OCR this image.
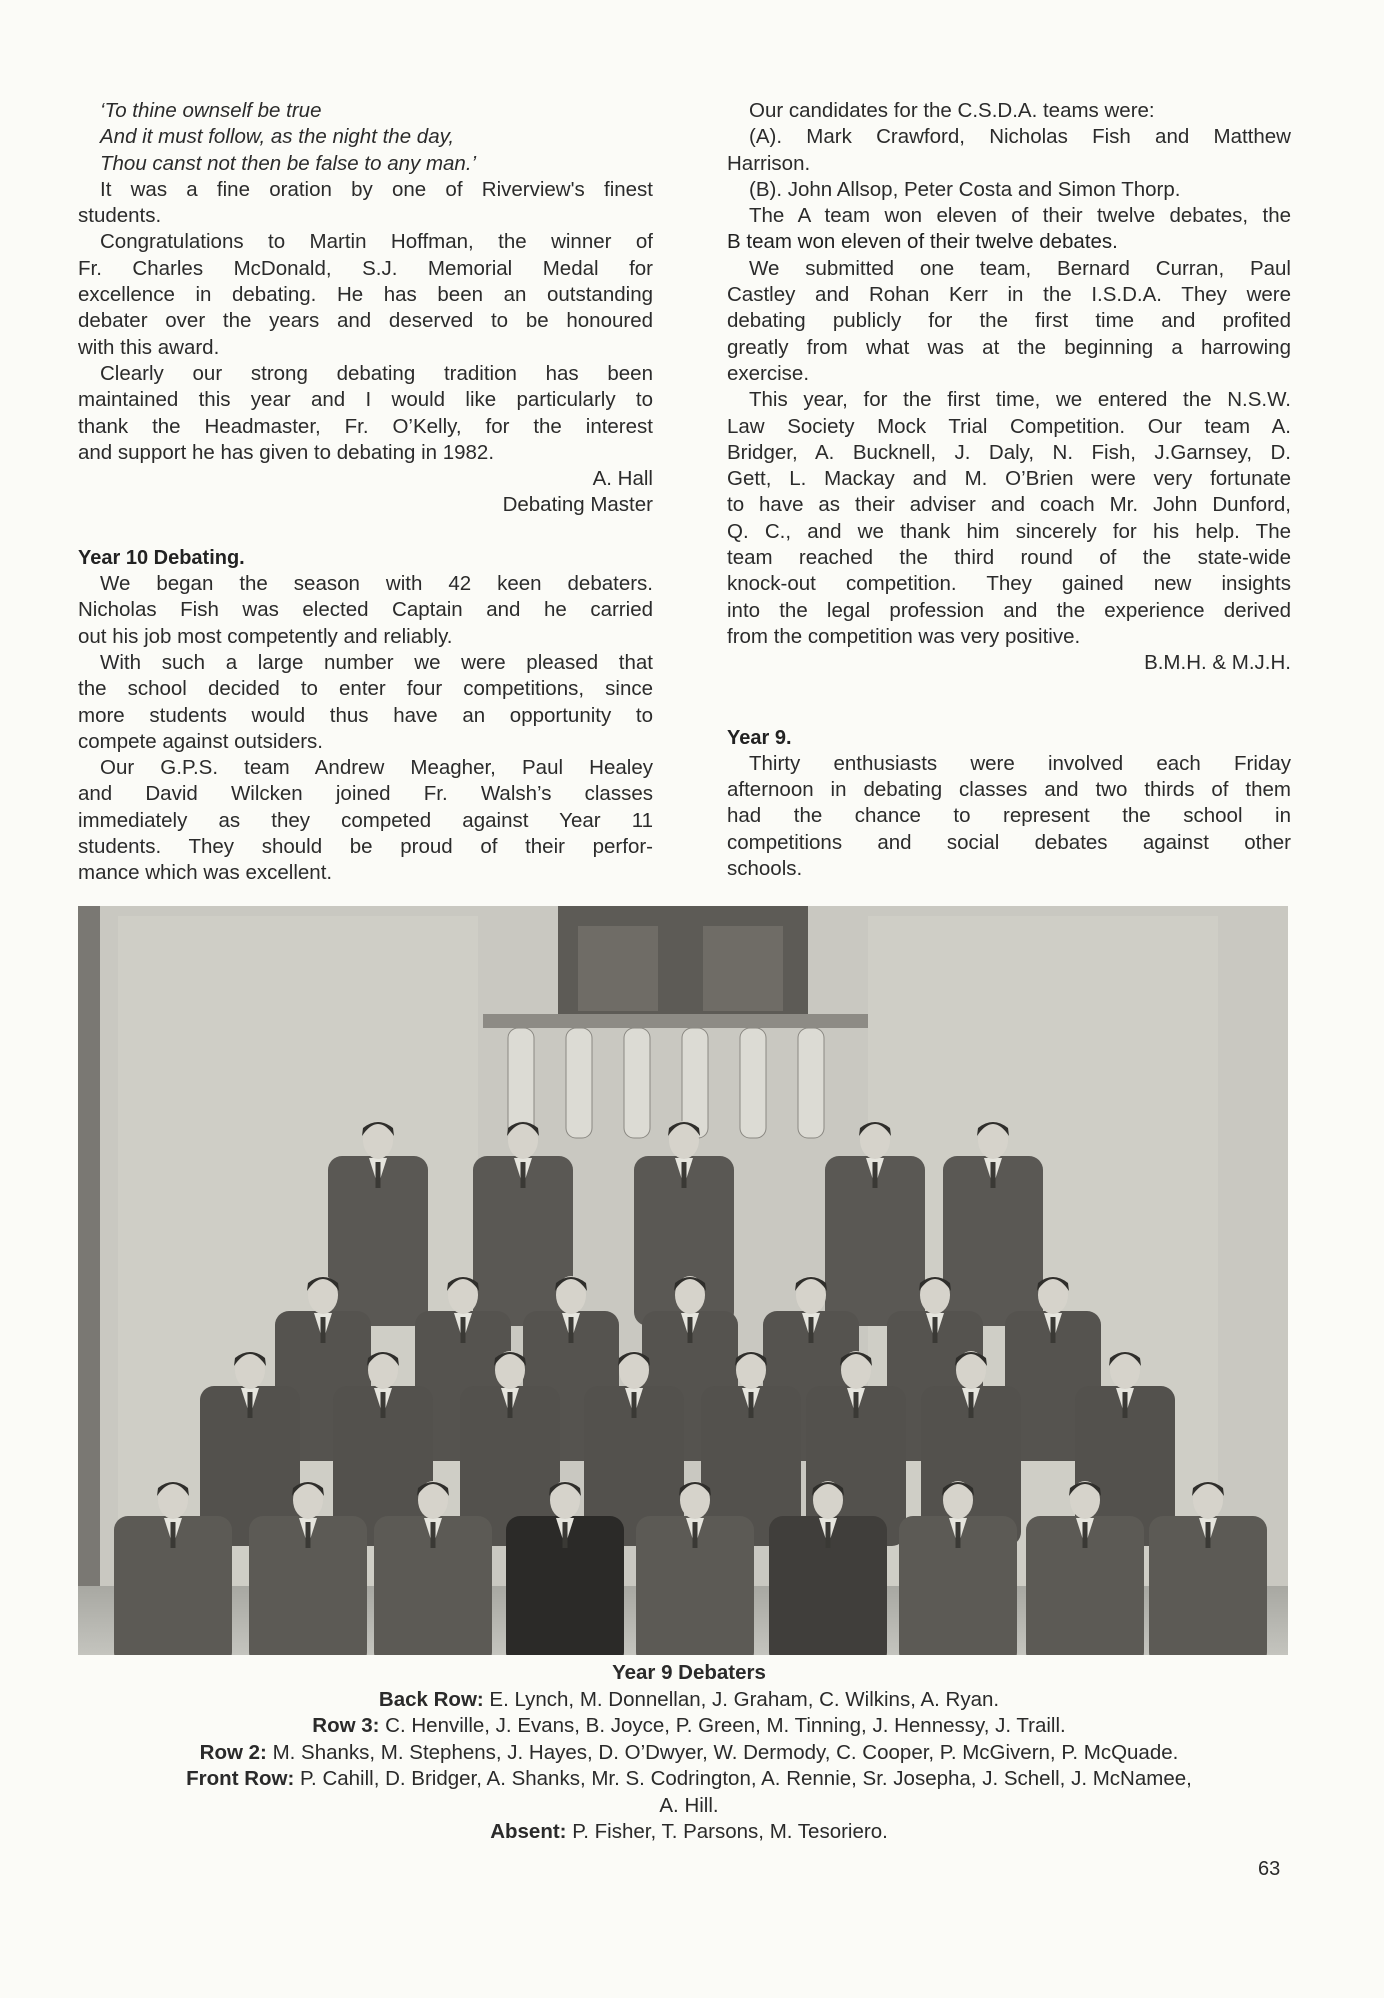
‘To thine ownself be true
And it must follow, as the night the day,
Thou canst not then be false to any man.’
It was a fine oration by one of Riverview's finest
students.
Congratulations to Martin Hoffman, the winner of
Fr. Charles McDonald, S.J. Memorial Medal for
excellence in debating. He has been an outstanding
debater over the years and deserved to be honoured
with this award.
Clearly our strong debating tradition has been
maintained this year and I would like particularly to
thank the Headmaster, Fr. O’Kelly, for the interest
and support he has given to debating in 1982.
A. Hall
Debating Master
Year 10 Debating.
We began the season with 42 keen debaters.
Nicholas Fish was elected Captain and he carried
out his job most competently and reliably.
With such a large number we were pleased that
the school decided to enter four competitions, since
more students would thus have an opportunity to
compete against outsiders.
Our G.P.S. team Andrew Meagher, Paul Healey
and David Wilcken joined Fr. Walsh’s classes
immediately as they competed against Year 11
students. They should be proud of their perfor-
mance which was excellent.
Our candidates for the C.S.D.A. teams were:
(A). Mark Crawford, Nicholas Fish and Matthew
Harrison.
(B). John Allsop, Peter Costa and Simon Thorp.
The A team won eleven of their twelve debates, the
B team won eleven of their twelve debates.
We submitted one team, Bernard Curran, Paul
Castley and Rohan Kerr in the I.S.D.A. They were
debating publicly for the first time and profited
greatly from what was at the beginning a harrowing
exercise.
This year, for the first time, we entered the N.S.W.
Law Society Mock Trial Competition. Our team A.
Bridger, A. Bucknell, J. Daly, N. Fish, J.Garnsey, D.
Gett, L. Mackay and M. O’Brien were very fortunate
to have as their adviser and coach Mr. John Dunford,
Q. C., and we thank him sincerely for his help. The
team reached the third round of the state-wide
knock-out competition. They gained new insights
into the legal profession and the experience derived
from the competition was very positive.
B.M.H. & M.J.H.
Year 9.
Thirty enthusiasts were involved each Friday
afternoon in debating classes and two thirds of them
had the chance to represent the school in
competitions and social debates against other
schools.
Year 9 Debaters
Back Row: E. Lynch, M. Donnellan, J. Graham, C. Wilkins, A. Ryan.
Row 3: C. Henville, J. Evans, B. Joyce, P. Green, M. Tinning, J. Hennessy, J. Traill.
Row 2: M. Shanks, M. Stephens, J. Hayes, D. O’Dwyer, W. Dermody, C. Cooper, P. McGivern, P. McQuade.
Front Row: P. Cahill, D. Bridger, A. Shanks, Mr. S. Codrington, A. Rennie, Sr. Josepha, J. Schell, J. McNamee,
A. Hill.
Absent: P. Fisher, T. Parsons, M. Tesoriero.
63
